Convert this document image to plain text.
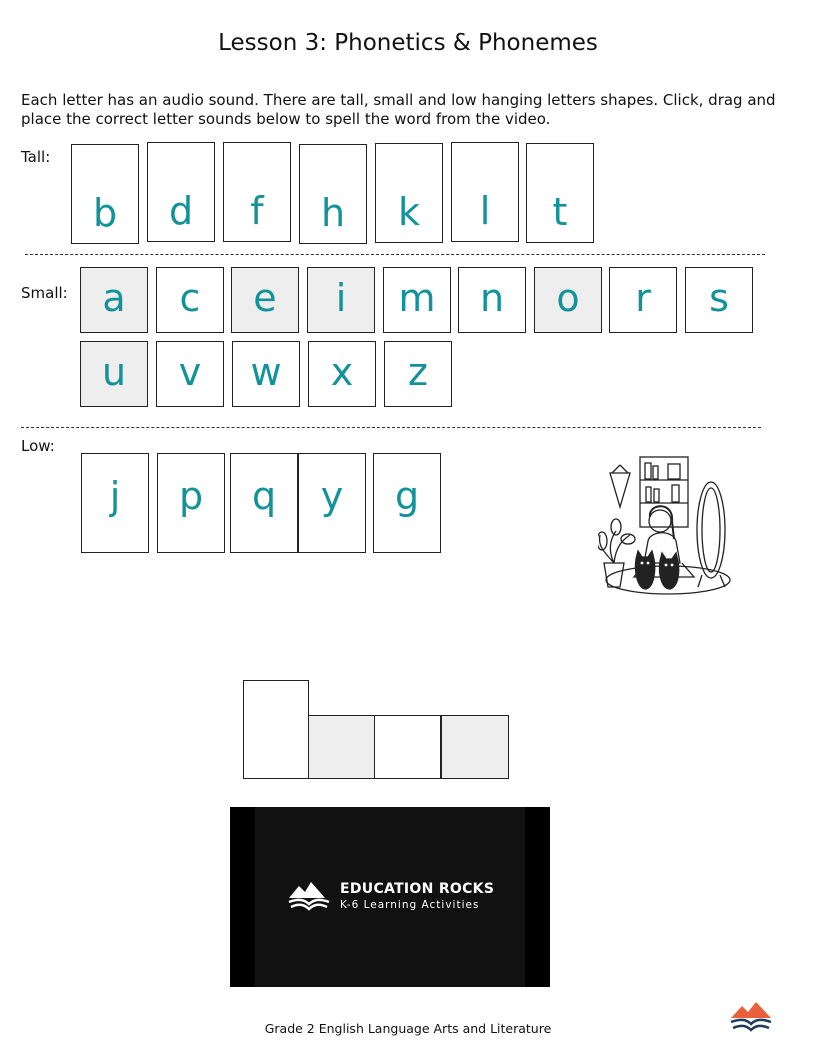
Lesson 3: Phonetics & Phonemes
Each letter has an audio sound. There are tall, small and low hanging letters shapes. Click, drag and place the correct letter sounds below to spell the word from the video.
Tall:
b	d	f	h	k	l	t
Small: a	c	e	i	m	n	o	r	s
u	v	w	x	z
Low:
j	p	q	y	g
EDUCATION ROCKS
K-6 Learning Activities
Grade 2 English Language Arts and Literature
